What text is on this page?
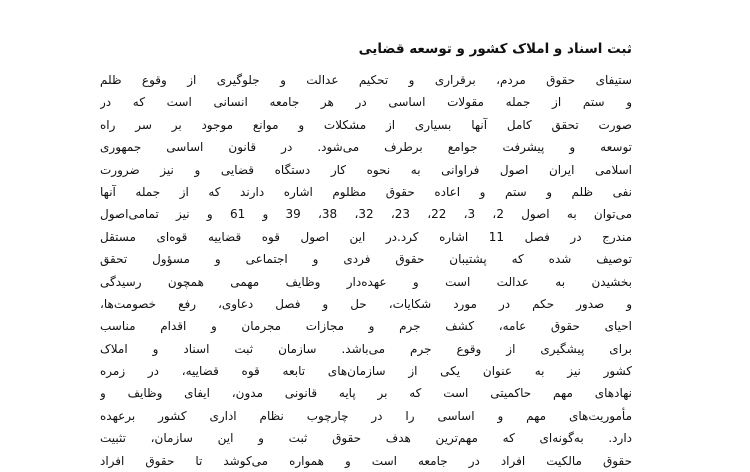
ثبت اسناد و املاک کشور و توسعه قضایی
ستیفای حقوق مردم، برقراری و تحکیم عدالت و جلوگیری از وقوع ظلم
و ستم از جمله مقولات اساسی در هر جامعه انسانی است که در
صورت تحقق کامل آنها بسیاری از مشکلات و موانع موجود بر سر راه
توسعه و پیشرفت جوامع برطرف می‌شود. در قانون اساسی جمهوری
اسلامی ایران اصول فراوانی به نحوه کار دستگاه قضایی و نیز ضرورت
نفی ظلم و ستم و اعاده حقوق مظلوم اشاره دارند که از جمله آنها
می‌توان به اصول 2، 3، 22، 23، 32، 38، 39 و 61 و نیز تمامی‌اصول
مندرج در فصل 11 اشاره کرد.در این اصول قوه قضاییه قوه‌ای مستقل
توصیف شده که پشتیبان حقوق فردی و اجتماعی و مسؤول تحقق
بخشیدن به عدالت است و عهده‌دار وظایف مهمی همچون رسیدگی
و صدور حکم در مورد شکایات، حل و فصل دعاوی، رفع خصومت‌ها،
احیای حقوق عامه، کشف جرم و مجازات مجرمان و اقدام مناسب
برای پیشگیری از وقوع جرم می‌باشد. سازمان ثبت اسناد و املاک
کشور نیز به عنوان یکی از سازمان‌های تابعه قوه قضاییه، در زمره
نهادهای مهم حاکمیتی است که بر پایه قانونی مدون، ایفای وظایف و
مأموریت‌های مهم و اساسی را در چارچوب نظام اداری کشور برعهده
دارد. به‌گونه‌ای که مهم‌ترین هدف حقوق ثبت و این سازمان، تثبیت
حقوق مالکیت افراد در جامعه است و همواره می‌کوشد تا حقوق افراد
